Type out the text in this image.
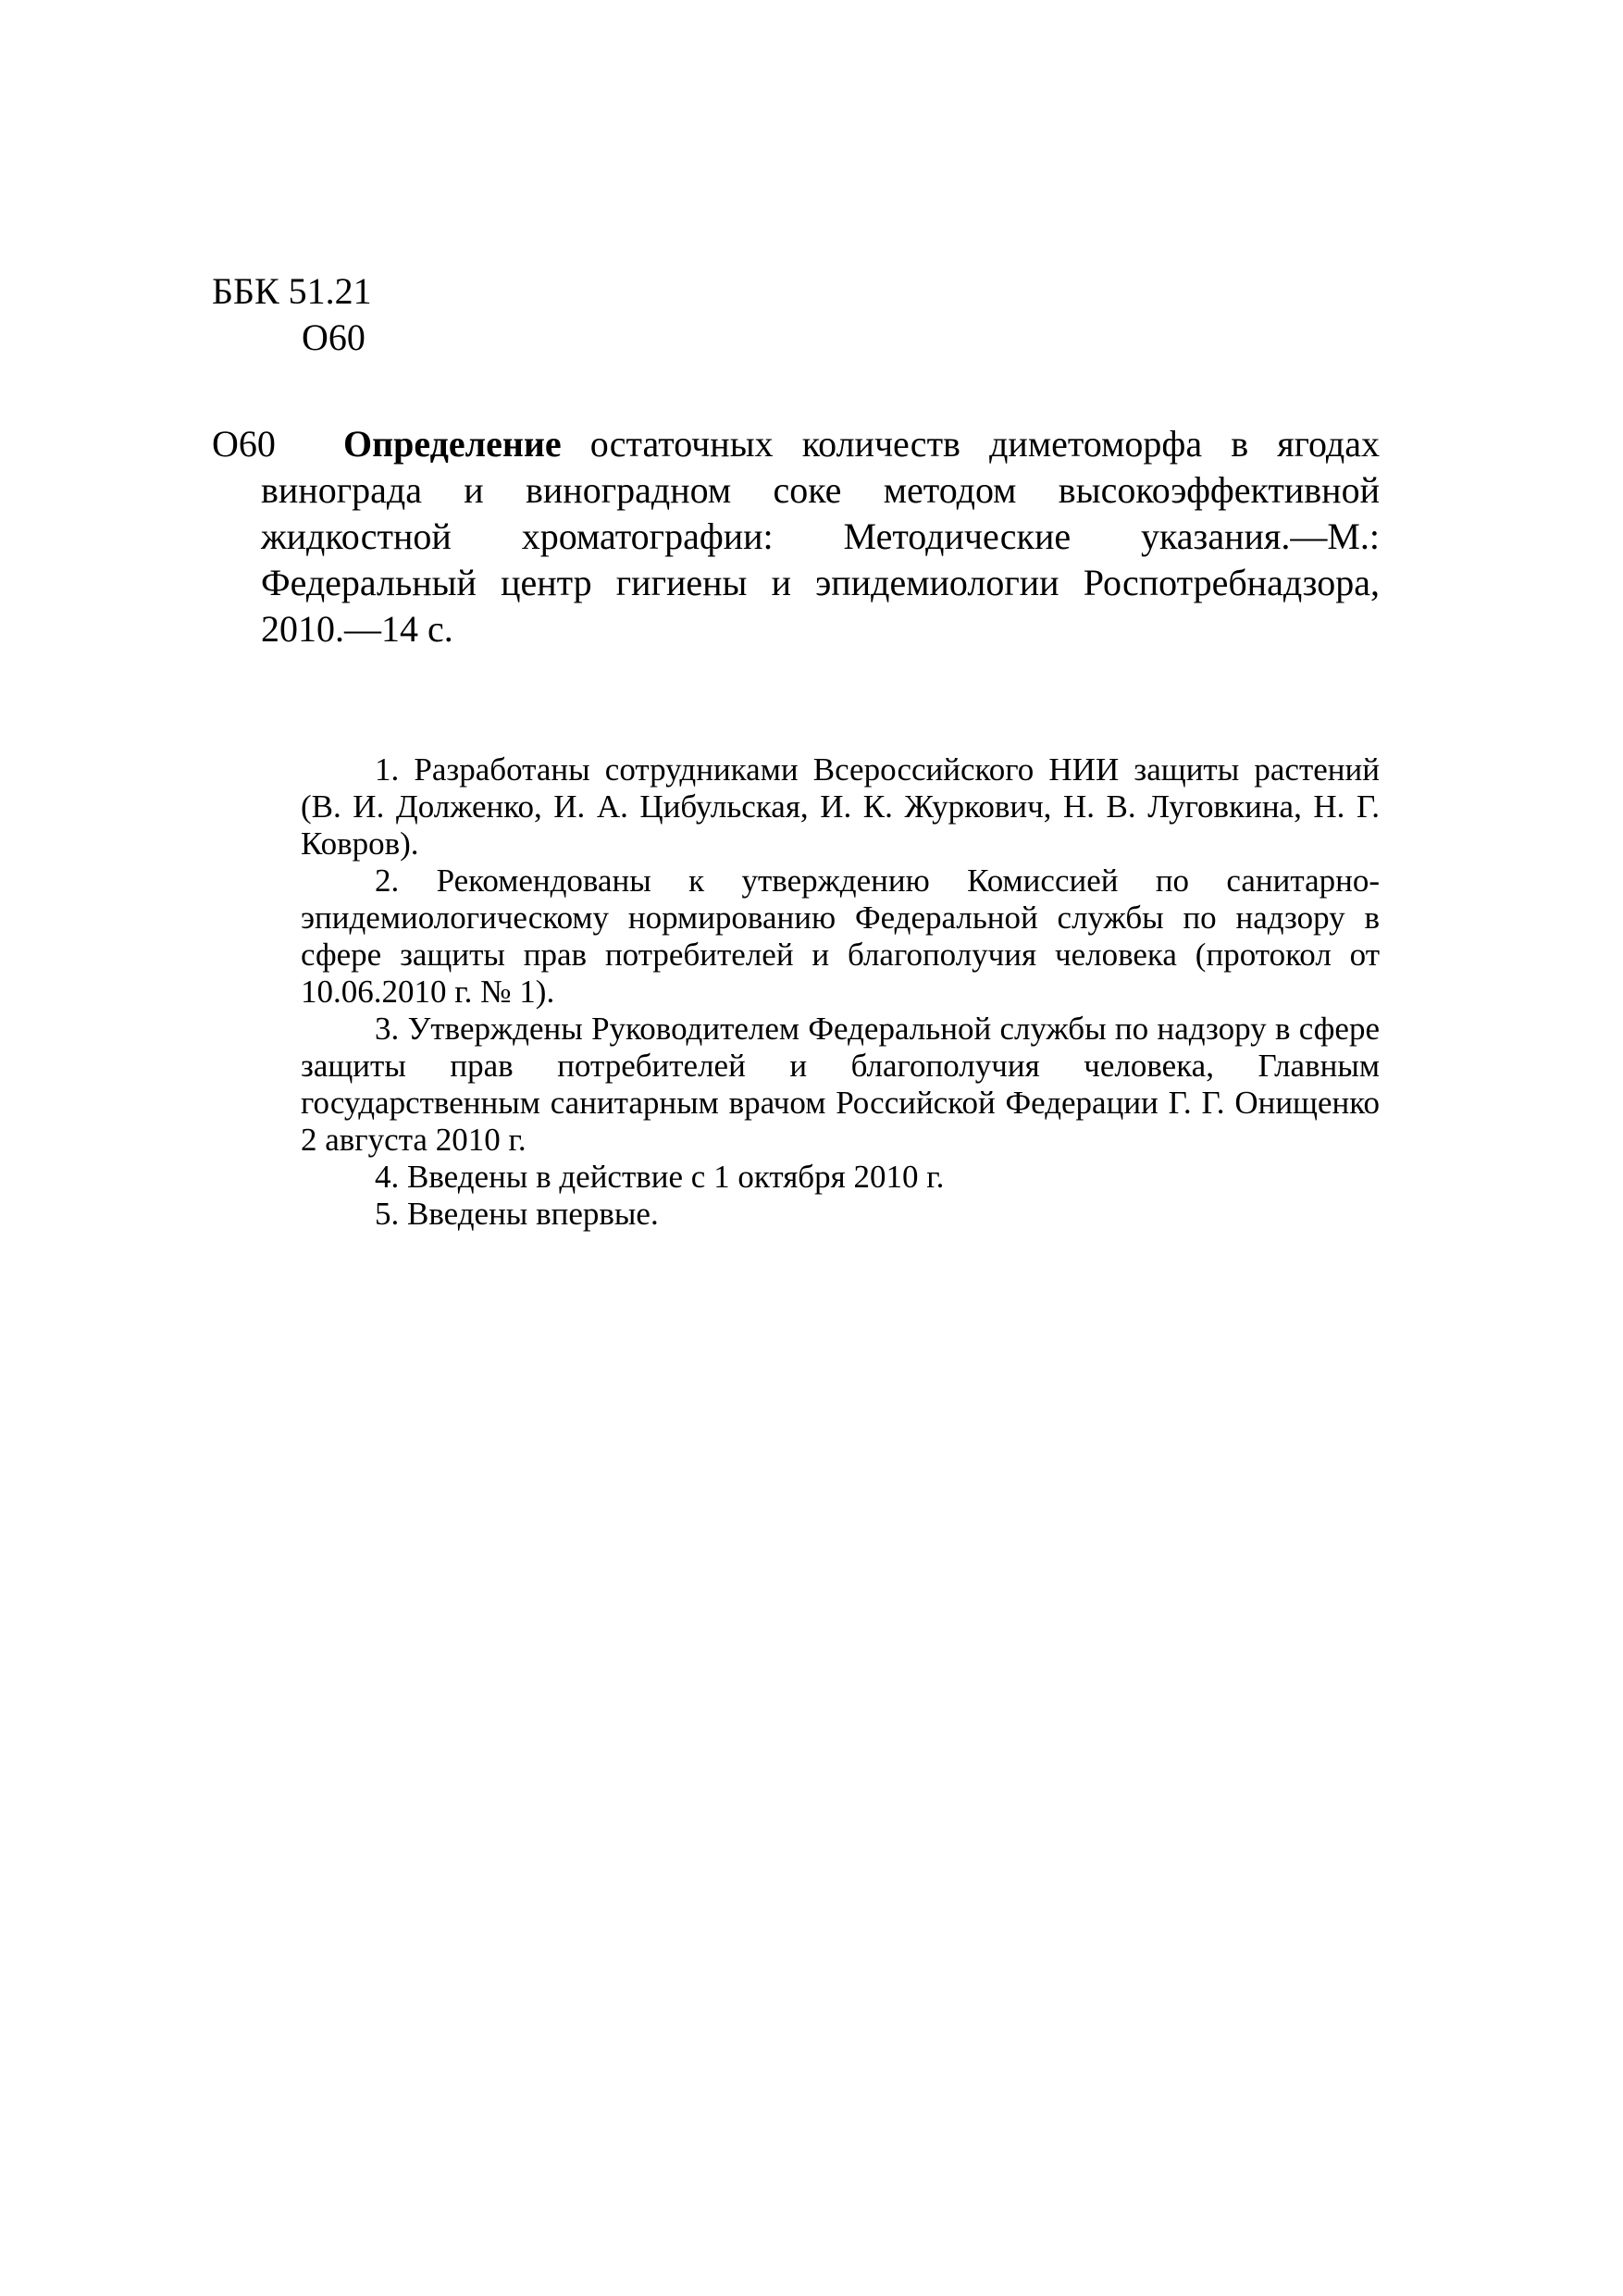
ББК 51.21
О60
О60	Определение остаточных количеств диметоморфа в ягодах винограда и виноградном соке методом высокоэффективной жидкостной хроматографии: Методические указания.—М.: Федеральный центр гигиены и эпидемиологии Роспотребнадзора, 2010.—14 с.

1. Разработаны сотрудниками Всероссийского НИИ защиты растений (В. И. Долженко, И. А. Цибульская, И. К. Журкович, Н. В. Луговкина, Н. Г. Ковров).

2. Рекомендованы к утверждению Комиссией по санитарно-эпидемиологическому нормированию Федеральной службы по надзору в сфере защиты прав потребителей и благополучия человека (протокол от 10.06.2010 г. № 1).

3. Утверждены Руководителем Федеральной службы по надзору в сфере защиты прав потребителей и благополучия человека, Главным государственным санитарным врачом Российской Федерации Г. Г. Онищенко 2 августа 2010 г.

4. Введены в действие с 1 октября 2010 г.

5. Введены впервые.
